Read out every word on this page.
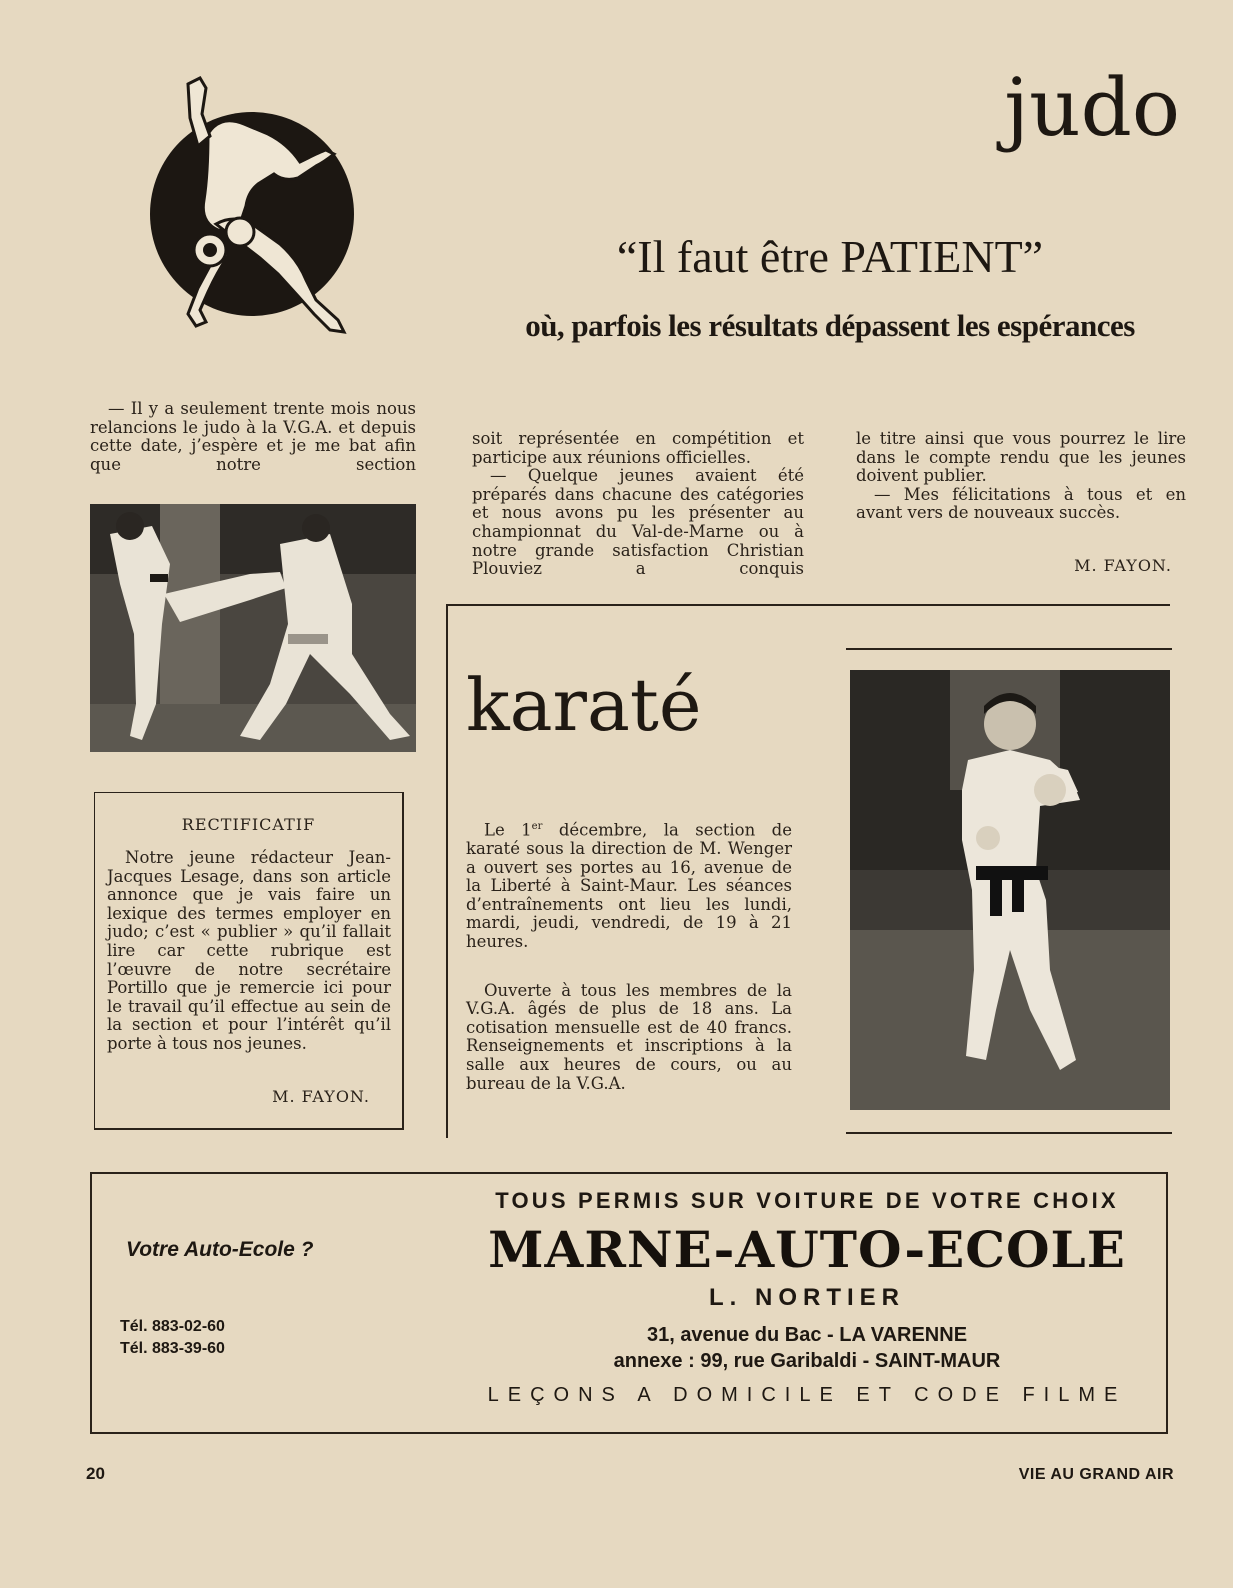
judo
“Il faut être PATIENT”
où, parfois les résultats dépassent les espérances

— Il y a seulement trente mois nous relancions le judo à la V.G.A. et depuis cette date, j’espère et je me bat afin que notre section

soit représentée en compétition et participe aux réunions officielles.

— Quelque jeunes avaient été préparés dans chacune des catégories et nous avons pu les présenter au championnat du Val-de-Marne ou à notre grande satisfaction Christian Plouviez a conquis

le titre ainsi que vous pourrez le lire dans le compte rendu que les jeunes doivent publier.

— Mes félicitations à tous et en avant vers de nouveaux succès.

M. FAYON.
RECTIFICATIF

Notre jeune rédacteur Jean-Jacques Lesage, dans son article annonce que je vais faire un lexique des termes employer en judo; c’est « publier » qu’il fallait lire car cette rubrique est l’œuvre de notre secrétaire Portillo que je remercie ici pour le travail qu’il effectue au sein de la section et pour l’intérêt qu’il porte à tous nos jeunes.

M. FAYON.
karaté

Le 1er décembre, la section de karaté sous la direction de M. Wenger a ouvert ses portes au 16, avenue de la Liberté à Saint-Maur. Les séances d’entraînements ont lieu les lundi, mardi, jeudi, vendredi, de 19 à 21 heures.

Ouverte à tous les membres de la V.G.A. âgés de plus de 18 ans. La cotisation mensuelle est de 40 francs. Renseignements et inscriptions à la salle aux heures de cours, ou au bureau de la V.G.A.

Votre Auto-Ecole ?
Tél. 883-02-60
Tél. 883-39-60
TOUS PERMIS SUR VOITURE DE VOTRE CHOIX
MARNE-AUTO-ECOLE
L. NORTIER
31, avenue du Bac - LA VARENNE
annexe : 99, rue Garibaldi - SAINT-MAUR
LEÇONS A DOMICILE ET CODE FILME
20	VIE AU GRAND AIR
